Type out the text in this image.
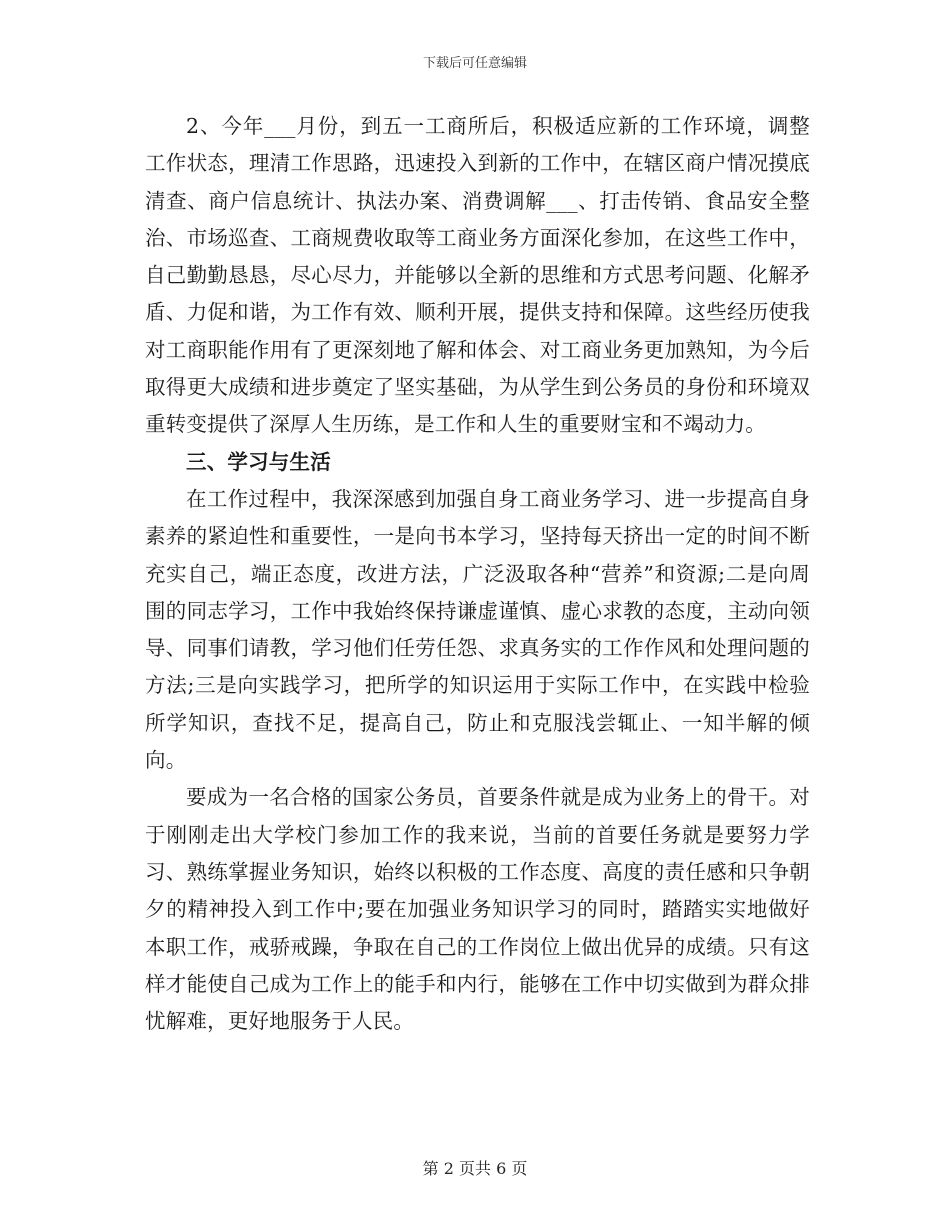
下载后可任意编辑

2、今年___月份，到五一工商所后，积极适应新的工作环境，调整工作状态，理清工作思路，迅速投入到新的工作中，在辖区商户情况摸底清查、商户信息统计、执法办案、消费调解___、打击传销、食品安全整治、市场巡查、工商规费收取等工商业务方面深化参加，在这些工作中，自己勤勤恳恳，尽心尽力，并能够以全新的思维和方式思考问题、化解矛盾、力促和谐，为工作有效、顺利开展，提供支持和保障。这些经历使我对工商职能作用有了更深刻地了解和体会、对工商业务更加熟知，为今后取得更大成绩和进步奠定了坚实基础，为从学生到公务员的身份和环境双重转变提供了深厚人生历练，是工作和人生的重要财宝和不竭动力。

三、学习与生活

在工作过程中，我深深感到加强自身工商业务学习、进一步提高自身素养的紧迫性和重要性，一是向书本学习，坚持每天挤出一定的时间不断充实自己，端正态度，改进方法，广泛汲取各种“营养”和资源;二是向周围的同志学习，工作中我始终保持谦虚谨慎、虚心求教的态度，主动向领导、同事们请教，学习他们任劳任怨、求真务实的工作作风和处理问题的方法;三是向实践学习，把所学的知识运用于实际工作中，在实践中检验所学知识，查找不足，提高自己，防止和克服浅尝辄止、一知半解的倾向。

要成为一名合格的国家公务员，首要条件就是成为业务上的骨干。对于刚刚走出大学校门参加工作的我来说，当前的首要任务就是要努力学习、熟练掌握业务知识，始终以积极的工作态度、高度的责任感和只争朝夕的精神投入到工作中;要在加强业务知识学习的同时，踏踏实实地做好本职工作，戒骄戒躁，争取在自己的工作岗位上做出优异的成绩。只有这样才能使自己成为工作上的能手和内行，能够在工作中切实做到为群众排忧解难，更好地服务于人民。

第 2 页共 6 页
